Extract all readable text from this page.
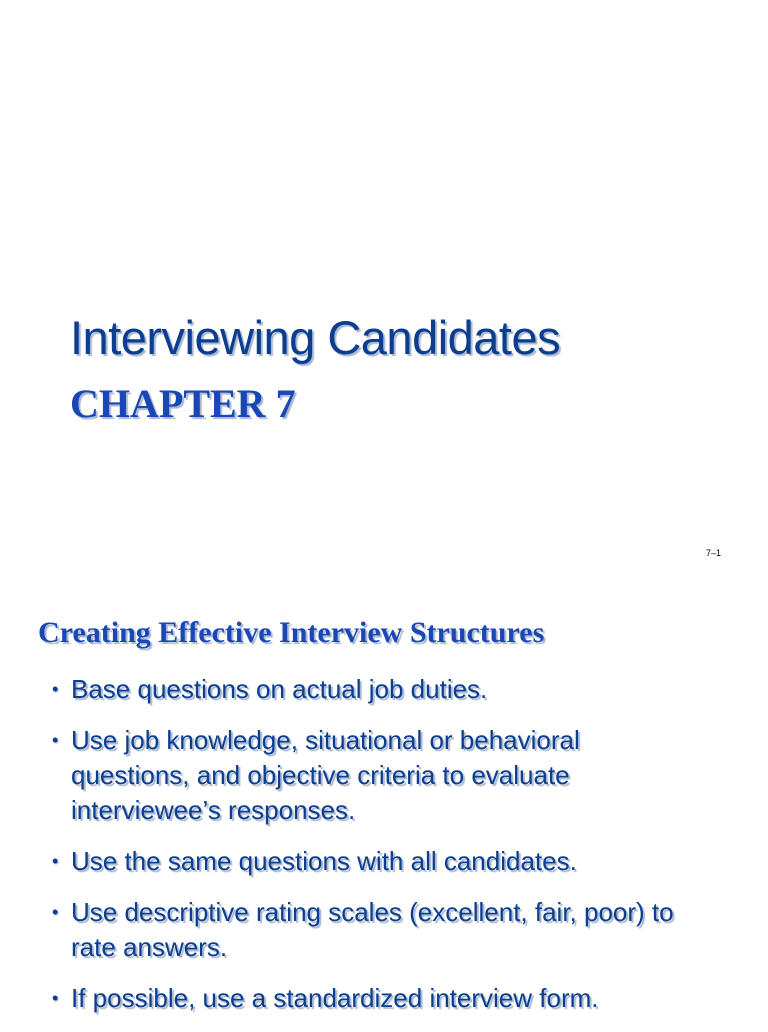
Interviewing Candidates
CHAPTER 7
7–1
Creating Effective Interview Structures
• Base questions on actual job duties.
• Use job knowledge, situational or behavioral questions, and objective criteria to evaluate interviewee’s responses.
• Use the same questions with all candidates.
• Use descriptive rating scales (excellent, fair, poor) to rate answers.
• If possible, use a standardized interview form.
